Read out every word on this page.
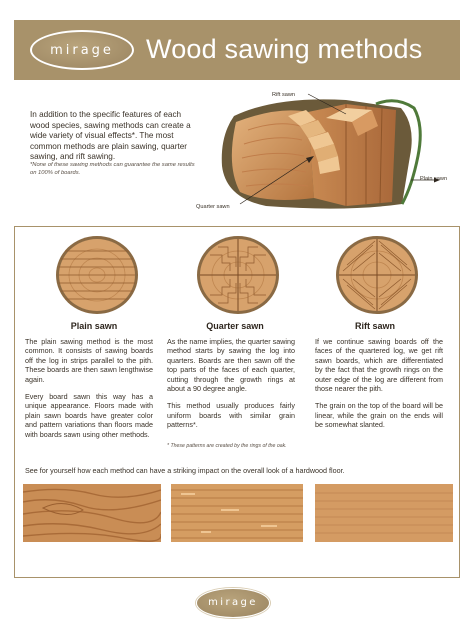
mirage	Wood sawing methods
In addition to the specific features of each wood species, sawing methods can create a wide variety of visual effects*. The most common methods are plain sawing, quarter sawing, and rift sawing.
*None of these sawing methods can guarantee the same results on 100% of boards.
Rift sawn
Plain sawn
Quarter sawn
Plain sawn	Quarter sawn	Rift sawn

The plain sawing method is the most common. It consists of sawing boards off the log in strips parallel to the pith. These boards are then sawn lengthwise again.

Every board sawn this way has a unique appearance. Floors made with plain sawn boards have greater color and pattern variations than floors made with boards sawn using other methods.

As the name implies, the quarter sawing method starts by sawing the log into quarters. Boards are then sawn off the top parts of the faces of each quarter, cutting through the growth rings at about a 90 degree angle.

This method usually produces fairly uniform boards with similar grain patterns*.

* These patterns are created by the rings of the oak.

If we continue sawing boards off the faces of the quartered log, we get rift sawn boards, which are differentiated by the fact that the growth rings on the outer edge of the log are different from those nearer the pith.

The grain on the top of the board will be linear, while the grain on the ends will be somewhat slanted.

See for yourself how each method can have a striking impact on the overall look of a hardwood floor.
mirage
